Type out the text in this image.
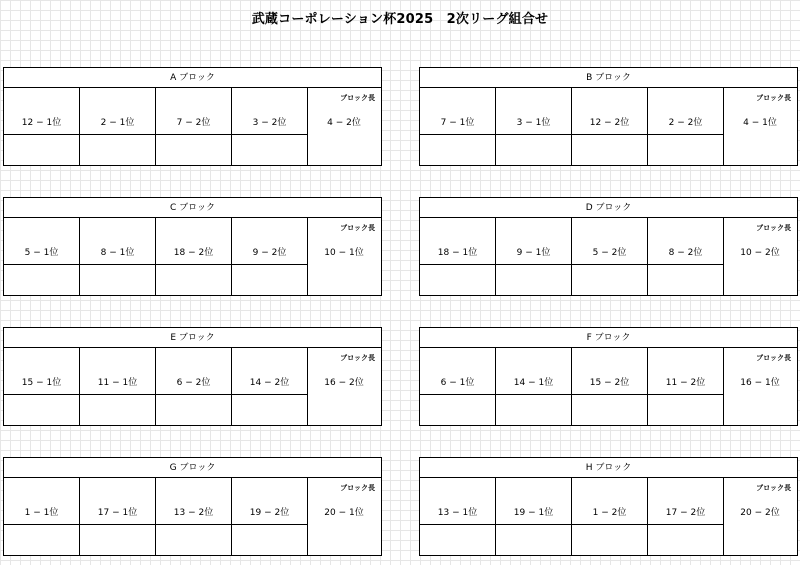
武蔵コーポレーション杯2025　2次リーグ組合せ
A ブロック
12 − 1位	2 − 1位	7 − 2位	3 − 2位
ブロック長
4 − 2位
B ブロック
7 − 1位	3 − 1位	12 − 2位	2 − 2位
ブロック長
4 − 1位
C ブロック
5 − 1位	8 − 1位	18 − 2位	9 − 2位
ブロック長
10 − 1位
D ブロック
18 − 1位	9 − 1位	5 − 2位	8 − 2位
ブロック長
10 − 2位
E ブロック
15 − 1位	11 − 1位	6 − 2位	14 − 2位
ブロック長
16 − 2位
F ブロック
6 − 1位	14 − 1位	15 − 2位	11 − 2位
ブロック長
16 − 1位
G ブロック
1 − 1位	17 − 1位	13 − 2位	19 − 2位
ブロック長
20 − 1位
H ブロック
13 − 1位	19 − 1位	1 − 2位	17 − 2位
ブロック長
20 − 2位
